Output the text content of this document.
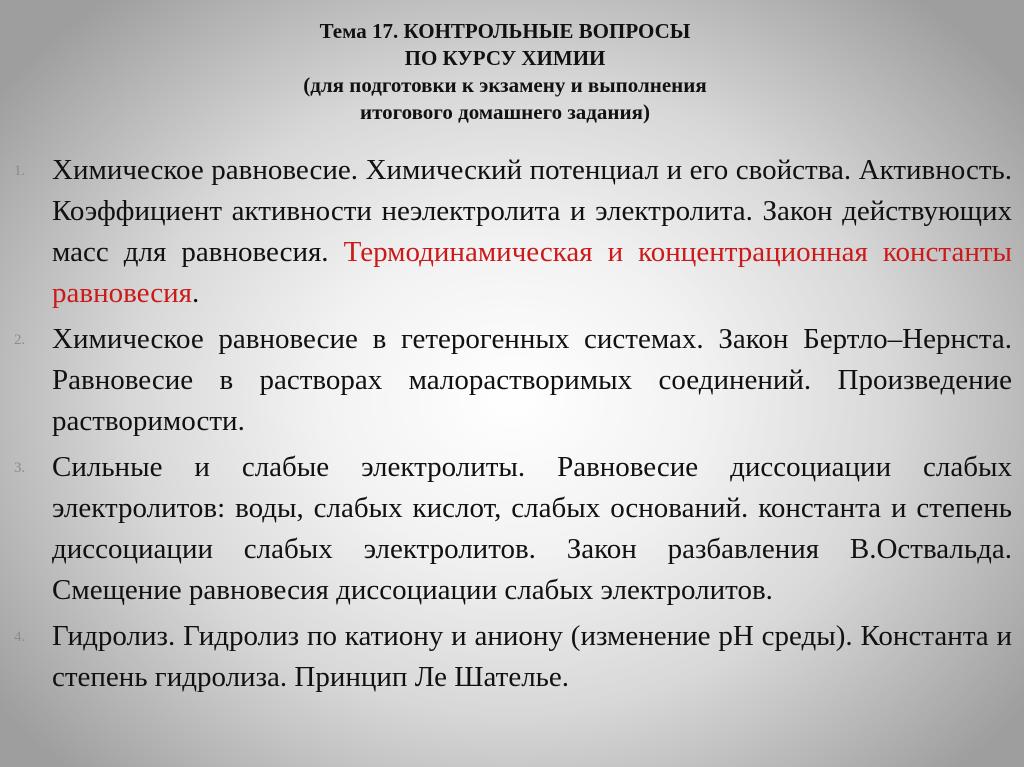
Тема 17. КОНТРОЛЬНЫЕ ВОПРОСЫ
ПО КУРСУ ХИМИИ
(для подготовки к экзамену и выполнения
итогового домашнего задания)
1. Химическое равновесие. Химический потенциал и его свойства. Активность. Коэффициент активности неэлектролита и электролита. Закон действующих масс для равновесия. Термодинамическая и концентрационная константы равновесия.
2. Химическое равновесие в гетерогенных системах. Закон Бертло–Нернста. Равновесие в растворах малорастворимых соединений. Произведение растворимости.
3. Сильные и слабые электролиты. Равновесие диссоциации слабых электролитов: воды, слабых кислот, слабых оснований. константа и степень диссоциации слабых электролитов. Закон разбавления В.Оствальда. Смещение равновесия диссоциации слабых электролитов.
4. Гидролиз. Гидролиз по катиону и аниону (изменение pH среды). Константа и степень гидролиза. Принцип Ле Шателье.
